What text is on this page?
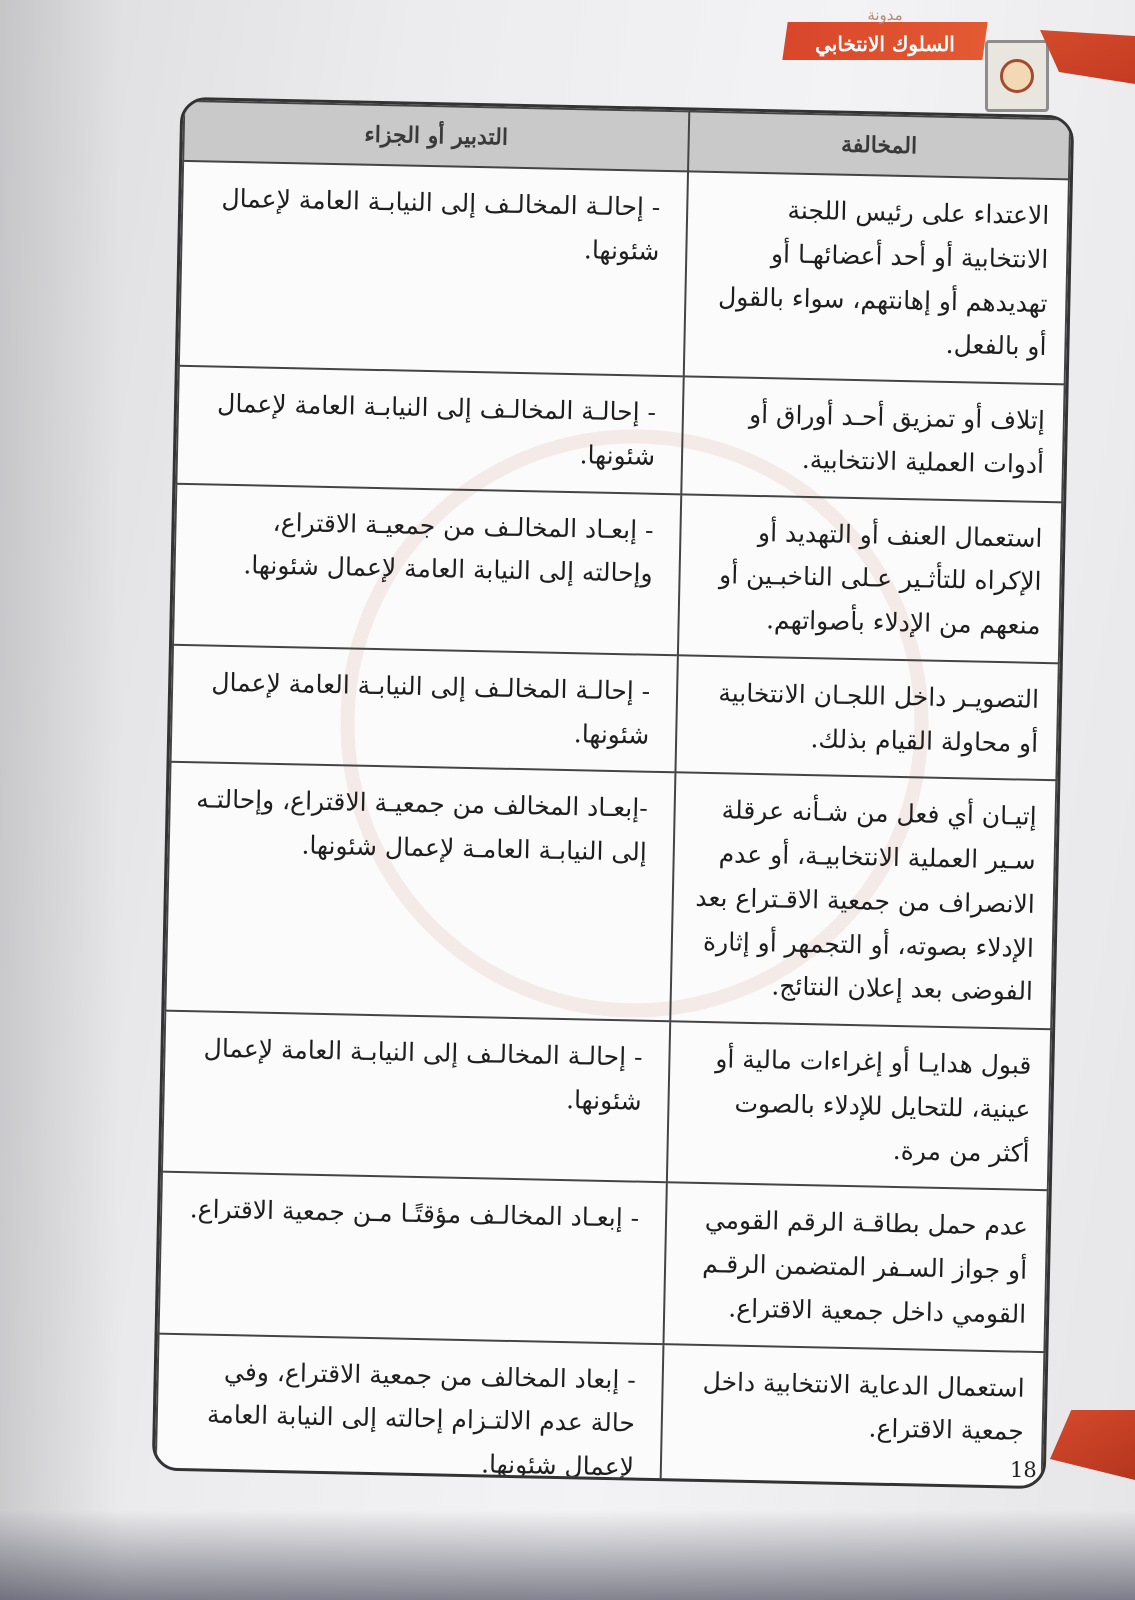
السلوك الانتخابي
مدونة
المخالفة	التدبير أو الجزاء
الاعتداء على رئيس اللجنة الانتخابية أو أحد أعضائهـا أو تهديدهم أو إهانتهم، سواء بالقول أو بالفعل.	- إحالـة المخالـف إلى النيابـة العامة لإعمال شئونها.
إتلاف أو تمزيق أحـد أوراق أو أدوات العملية الانتخابية.	- إحالـة المخالـف إلى النيابـة العامة لإعمال شئونها.
استعمال العنف أو التهديد أو الإكراه للتأثـير عـلى الناخبـين أو منعهم من الإدلاء بأصواتهم.	- إبعـاد المخالـف من جمعيـة الاقتراع، وإحالته إلى النيابة العامة لإعمال شئونها.
التصويـر داخل اللجـان الانتخابية أو محاولة القيام بذلك.	- إحالـة المخالـف إلى النيابـة العامة لإعمال شئونها.
إتيـان أي فعل من شـأنه عرقلة سـير العملية الانتخابيـة، أو عدم الانصراف من جمعية الاقـتراع بعد الإدلاء بصوته، أو التجمهر أو إثارة الفوضى بعد إعلان النتائج.	-إبعـاد المخالف من جمعيـة الاقتراع، وإحالتـه إلى النيابـة العامـة لإعمال شئونها.
قبول هدايـا أو إغراءات مالية أو عينية، للتحايل للإدلاء بالصوت أكثر من مرة.	- إحالـة المخالـف إلى النيابـة العامة لإعمال شئونها.
عدم حمل بطاقـة الرقم القومي أو جواز السـفر المتضمن الرقـم القومي داخل جمعية الاقتراع.	- إبعـاد المخالـف مؤقتًـا مـن جمعية الاقتراع.
استعمال الدعاية الانتخابية داخل جمعية الاقتراع.	- إبعاد المخالف من جمعية الاقتراع، وفي حالة عدم الالتـزام إحالته إلى النيابة العامة لإعمال شئونها.	18
